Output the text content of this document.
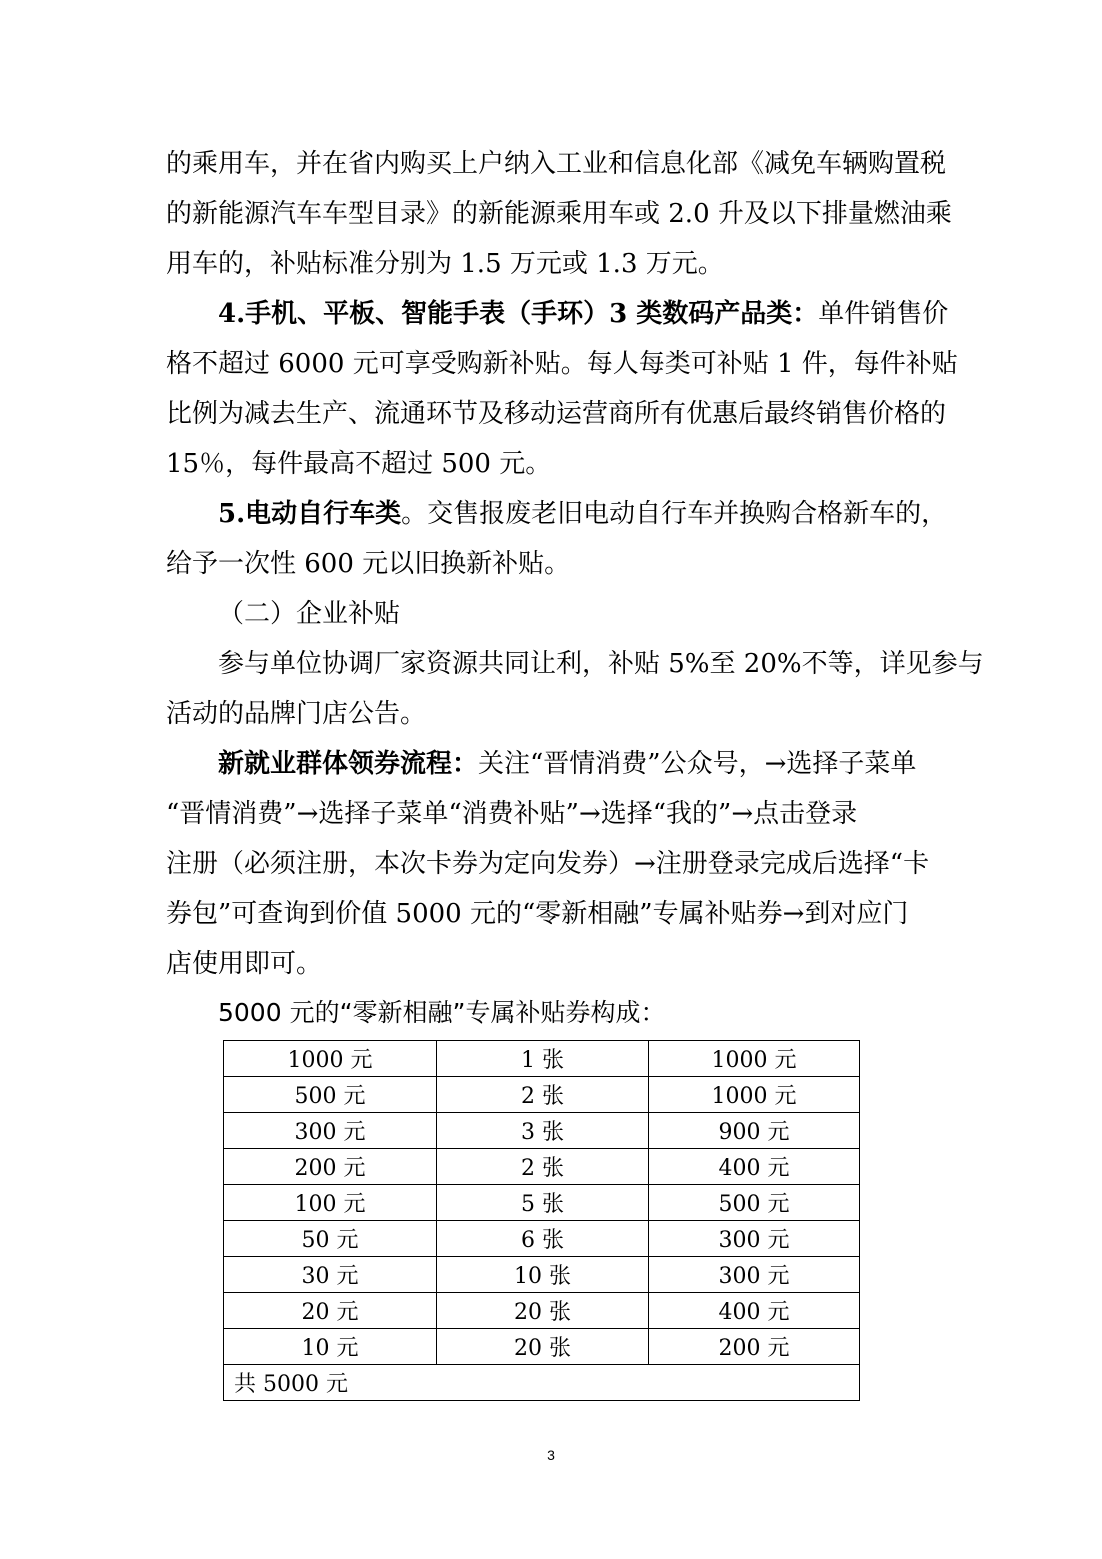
的乘用车，并在省内购买上户纳入工业和信息化部《减免车辆购置税
的新能源汽车车型目录》的新能源乘用车或 2.0 升及以下排量燃油乘
用车的，补贴标准分别为 1.5 万元或 1.3 万元。
4.手机、平板、智能手表（手环）3 类数码产品类：单件销售价
格不超过 6000 元可享受购新补贴。每人每类可补贴 1 件，每件补贴
比例为减去生产、流通环节及移动运营商所有优惠后最终销售价格的
15％，每件最高不超过 500 元。
5.电动自行车类。交售报废老旧电动自行车并换购合格新车的，
给予一次性 600 元以旧换新补贴。
（二）企业补贴
参与单位协调厂家资源共同让利，补贴 5%至 20%不等，详见参与
活动的品牌门店公告。
新就业群体领券流程：关注“晋情消费”公众号，→选择子菜单
“晋情消费”→选择子菜单“消费补贴”→选择“我的”→点击登录
注册（必须注册，本次卡券为定向发券）→注册登录完成后选择“卡
券包”可查询到价值 5000 元的“零新相融”专属补贴券→到对应门
店使用即可。
5000 元的“零新相融”专属补贴券构成：
1000 元	1 张	1000 元
500 元	2 张	1000 元
300 元	3 张	900 元
200 元	2 张	400 元
100 元	5 张	500 元
50 元	6 张	300 元
30 元	10 张	300 元
20 元	20 张	400 元
10 元	20 张	200 元
共 5000 元		
3
